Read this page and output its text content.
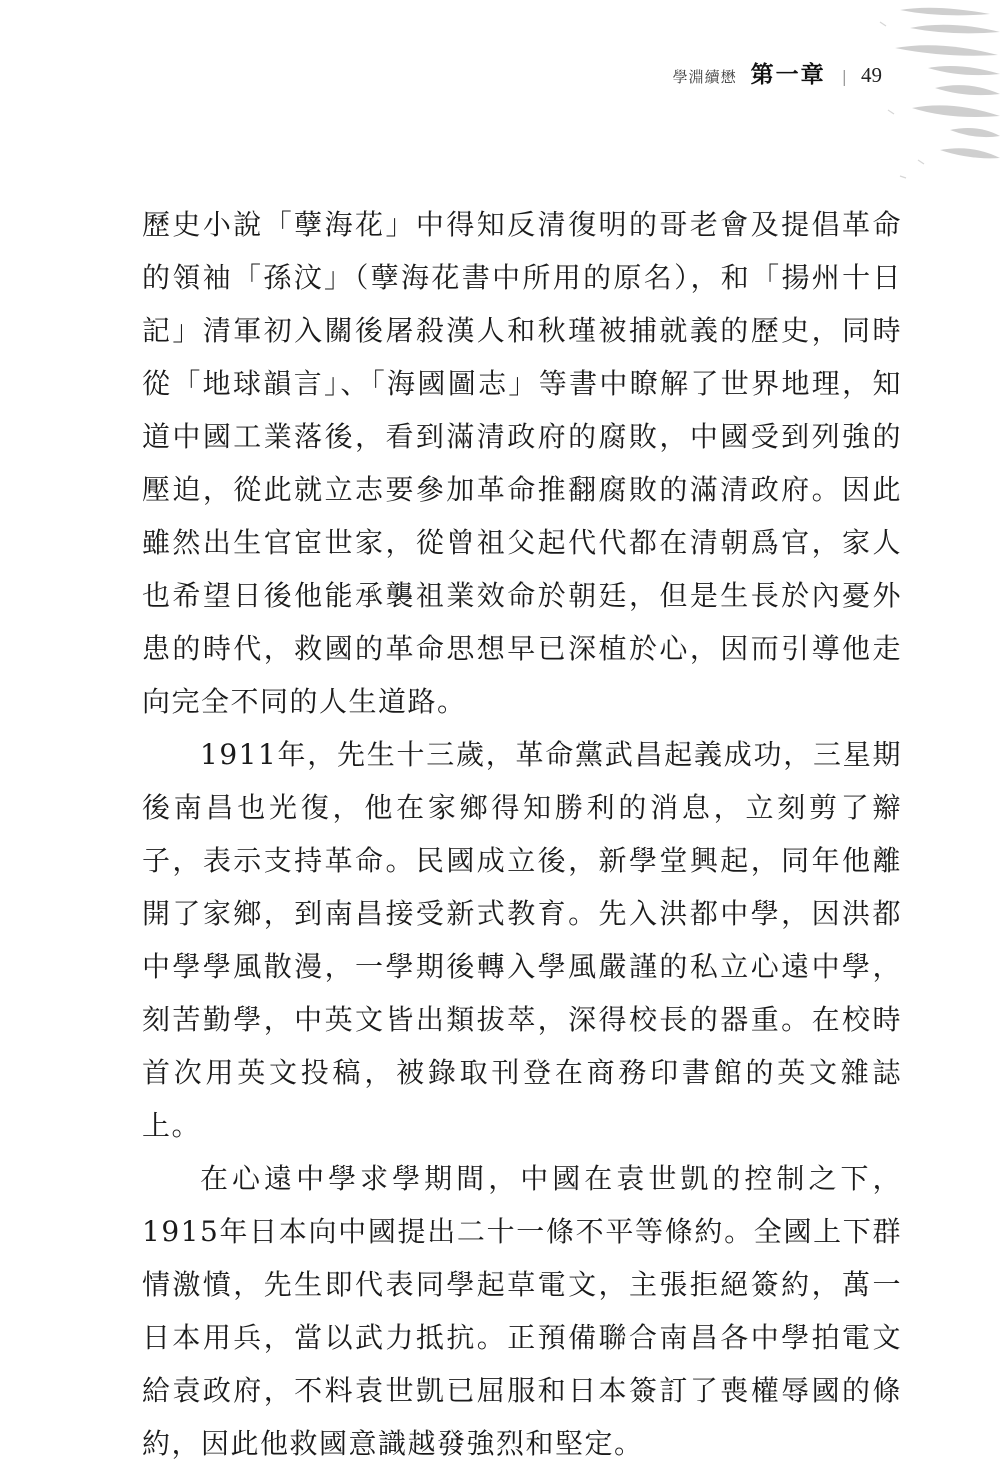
學淵續懋 第一章 | 49

歷史小說「孽海花」中得知反清復明的哥老會及提倡革命的領袖「孫汶」（孽海花書中所用的原名），和「揚州十日記」清軍初入關後屠殺漢人和秋瑾被捕就義的歷史，同時從「地球韻言」、「海國圖志」等書中瞭解了世界地理，知道中國工業落後，看到滿清政府的腐敗，中國受到列強的壓迫，從此就立志要參加革命推翻腐敗的滿清政府。因此雖然出生官宦世家，從曾祖父起代代都在清朝爲官，家人也希望日後他能承襲祖業效命於朝廷，但是生長於內憂外患的時代，救國的革命思想早已深植於心，因而引導他走向完全不同的人生道路。

1911年，先生十三歲，革命黨武昌起義成功，三星期後南昌也光復，他在家鄉得知勝利的消息，立刻剪了辮子，表示支持革命。民國成立後，新學堂興起，同年他離開了家鄉，到南昌接受新式教育。先入洪都中學，因洪都中學學風散漫，一學期後轉入學風嚴謹的私立心遠中學，刻苦勤學，中英文皆出類拔萃，深得校長的器重。在校時首次用英文投稿，被錄取刊登在商務印書館的英文雜誌上。

在心遠中學求學期間，中國在袁世凱的控制之下，1915年日本向中國提出二十一條不平等條約。全國上下群情激憤，先生即代表同學起草電文，主張拒絕簽約，萬一日本用兵，當以武力抵抗。正預備聯合南昌各中學拍電文給袁政府，不料袁世凱已屈服和日本簽訂了喪權辱國的條約，因此他救國意識越發強烈和堅定。
